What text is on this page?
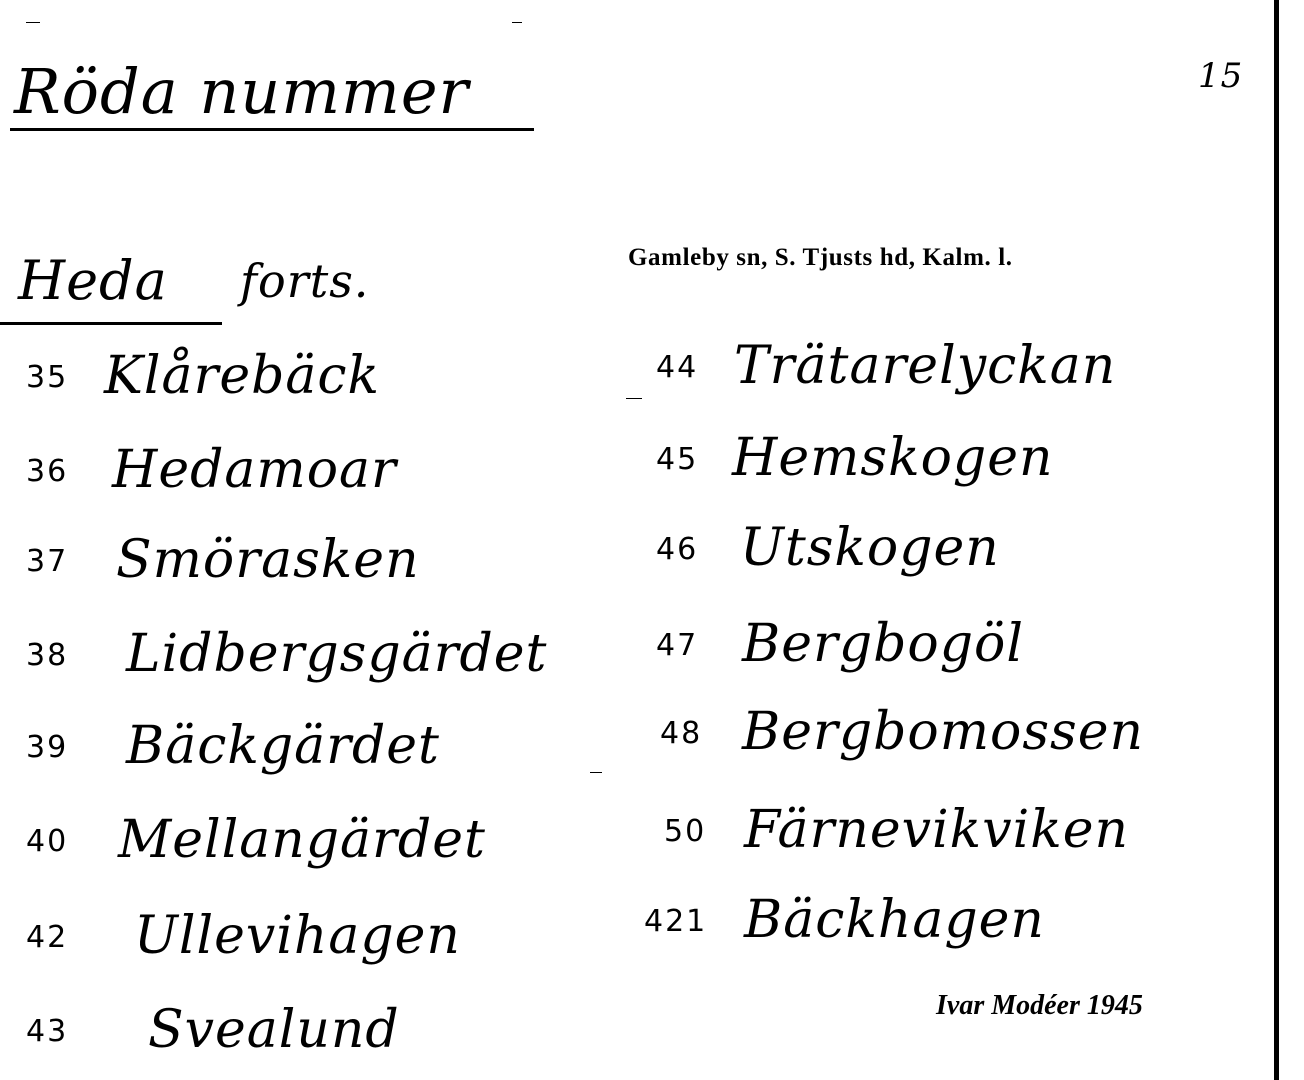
Röda nummer	15
Heda forts.	Gamleby sn, S. Tjusts hd, Kalm. l.
35 Klårebäck
36 Hedamoar
37 Smörasken
38 Lidbergsgärdet
39 Bäckgärdet
40 Mellangärdet
42 Ullevihagen
43 Svealund
44 Trätarelyckan
45 Hemskogen
46 Utskogen
47 Bergbogöl
48 Bergbomossen
50 Färnevikviken
421 Bäckhagen
Ivar Modéer 1945
